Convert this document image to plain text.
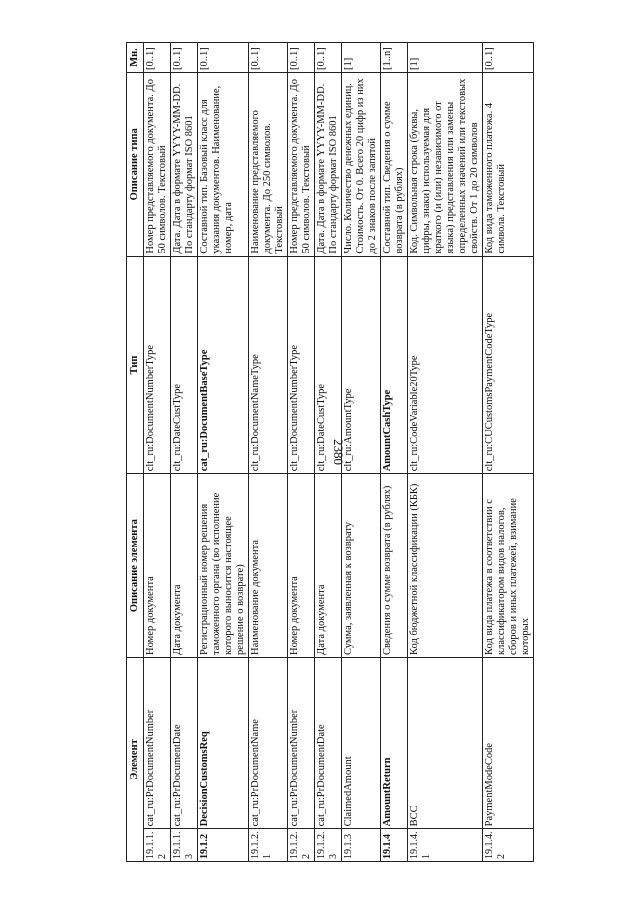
2380
Элемент		Описание элемента	Тип	Описание типа	Мн.
19.1.1.2	cat_ru:PrDocumentNumber	Номер документа	clt_ru:DocumentNumberType	Номер представляемого документа. До 50 символов. Текстовый	[0..1]
19.1.1.3	cat_ru:PrDocumentDate	Дата документа	clt_ru:DateCustType	Дата. Дата в формате YYYY-MM-DD. По стандарту формат ISO 8601	[0..1]
19.1.2	DecisionCustomsReq	Регистрационный номер решения таможенного органа (во исполнение которого выносится настоящее решение о возврате)	cat_ru:DocumentBaseType	Составной тип. Базовый класс для указания документов. Наименование, номер, дата	[0..1]
19.1.2.1	cat_ru:PrDocumentName	Наименование документа	clt_ru:DocumentNameType	Наименование представляемого документа. До 250 символов. Текстовый	[0..1]
19.1.2.2	cat_ru:PrDocumentNumber	Номер документа	clt_ru:DocumentNumberType	Номер представляемого документа. До 50 символов. Текстовый	[0..1]
19.1.2.3	cat_ru:PrDocumentDate	Дата документа	clt_ru:DateCustType	Дата. Дата в формате YYYY-MM-DD. По стандарту формат ISO 8601	[0..1]
19.1.3	ClaimedAmount	Сумма, заявленная к возврату	clt_ru:AmountType	Число. Количество денежных единиц. Стоимость. От 0. Всего 20 цифр из них до 2 знаков после запятой	[1]
19.1.4	AmountReturn	Сведения о сумме возврата (в рублях)	AmountCashType	Составной тип. Сведения о сумме возврата (в рублях)	[1..n]
19.1.4.1	BCC	Код бюджетной классификации (КБК)	clt_ru:CodeVariable20Type	Код. Символьная строка (буквы, цифры, знаки) используемая для краткого (и (или) независимого от языка) представления или замены определенных значений или текстовых свойств. От 1 до 20 символов	[1]
19.1.4.2	PaymentModeCode	Код вида платежа в соответствии с классификатором видов налогов, сборов и иных платежей, взимание которых	clt_ru:CUCustomsPaymentCodeType	Код вида таможенного платежа. 4 символа. Текстовый	[0..1]
